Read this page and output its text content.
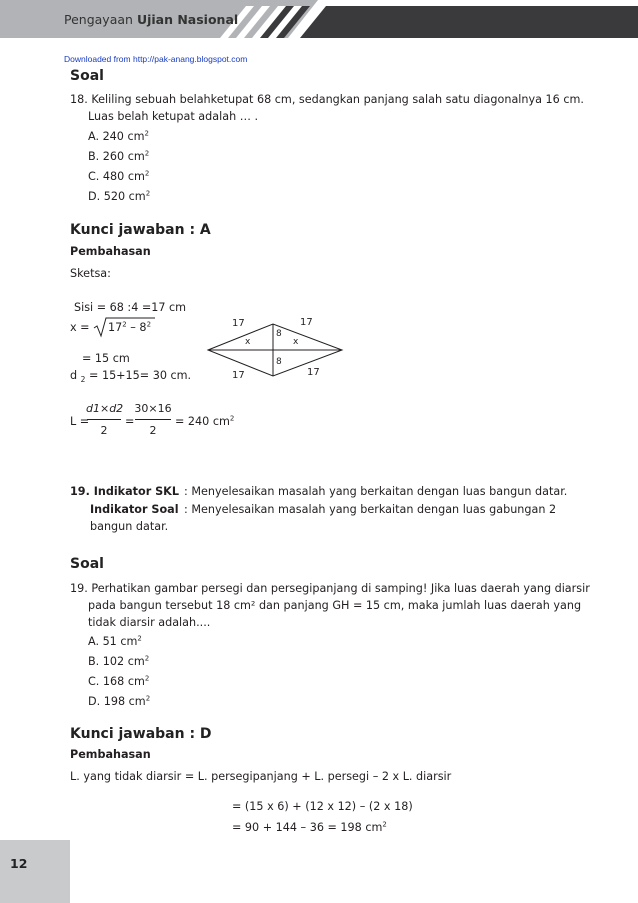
Pengayaan Ujian Nasional
Downloaded from http://pak-anang.blogspot.com
Soal
18. Keliling sebuah belahketupat 68 cm, sedangkan panjang salah satu diagonalnya 16 cm.
Luas belah ketupat adalah … .
A. 240 $cm^2$
B. 260 $cm^2$
C. 480 $cm^2$
D. 520 $cm^2$
Kunci jawaban : A
Pembahasan
Sketsa:
Sisi = 68 :4 =17 cm
$x = 17^2 - 8^2$
= 15 cm
d $_2$ = 15+15= 30 cm.
17	17
17	17
x	x
8
8
L =
d1×d2
2
=
30×16
2
= 240 $cm^2$
19. Indikator SKL : Menyelesaikan masalah yang berkaitan dengan luas bangun datar.
Indikator Soal : Menyelesaikan masalah yang berkaitan dengan luas gabungan 2
bangun datar.
Soal
19. Perhatikan gambar persegi dan persegipanjang di samping! Jika luas daerah yang diarsir
pada bangun tersebut 18 cm² dan panjang GH = 15 cm, maka jumlah luas daerah yang
tidak diarsir adalah....
A. 51 $cm^2$
B. 102 $cm^2$
C. 168 $cm^2$
D. 198 $cm^2$
Kunci jawaban : D
Pembahasan
L. yang tidak diarsir = L. persegipanjang + L. persegi – 2 x L. diarsir
= (15 x 6) + (12 x 12) – (2 x 18)
= 90 + 144 – 36 = 198 $cm^2$
12
